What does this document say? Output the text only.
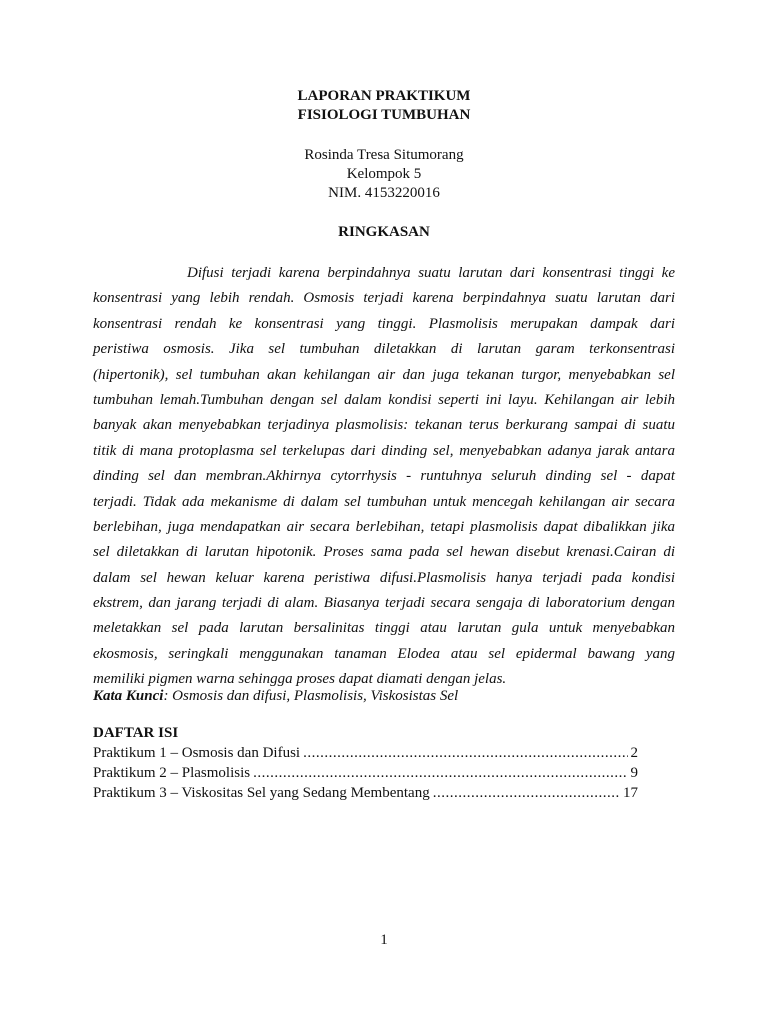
LAPORAN PRAKTIKUM
FISIOLOGI TUMBUHAN
Rosinda Tresa Situmorang
Kelompok 5
NIM. 4153220016
RINGKASAN
Difusi terjadi karena berpindahnya suatu larutan dari konsentrasi tinggi ke
konsentrasi yang lebih rendah. Osmosis terjadi karena berpindahnya suatu larutan dari
konsentrasi rendah ke konsentrasi yang tinggi. Plasmolisis merupakan dampak dari
peristiwa osmosis. Jika sel tumbuhan diletakkan di larutan garam terkonsentrasi
(hipertonik), sel tumbuhan akan kehilangan air dan juga tekanan turgor, menyebabkan sel
tumbuhan lemah.Tumbuhan dengan sel dalam kondisi seperti ini layu. Kehilangan air lebih
banyak akan menyebabkan terjadinya plasmolisis: tekanan terus berkurang sampai di suatu
titik di mana protoplasma sel terkelupas dari dinding sel, menyebabkan adanya jarak antara
dinding sel dan membran.Akhirnya cytorrhysis - runtuhnya seluruh dinding sel - dapat
terjadi. Tidak ada mekanisme di dalam sel tumbuhan untuk mencegah kehilangan air secara
berlebihan, juga mendapatkan air secara berlebihan, tetapi plasmolisis dapat dibalikkan jika
sel diletakkan di larutan hipotonik. Proses sama pada sel hewan disebut krenasi.Cairan di
dalam sel hewan keluar karena peristiwa difusi.Plasmolisis hanya terjadi pada kondisi
ekstrem, dan jarang terjadi di alam. Biasanya terjadi secara sengaja di laboratorium dengan
meletakkan sel pada larutan bersalinitas tinggi atau larutan gula untuk menyebabkan
ekosmosis, seringkali menggunakan tanaman Elodea atau sel epidermal bawang yang
memiliki pigmen warna sehingga proses dapat diamati dengan jelas.
Kata Kunci: Osmosis dan difusi, Plasmolisis, Viskosistas Sel
DAFTAR ISI
Praktikum 1 – Osmosis dan Difusi .....	2
Praktikum 2 – Plasmolisis .....	9
Praktikum 3 – Viskositas Sel yang Sedang Membentang .....	17
1
